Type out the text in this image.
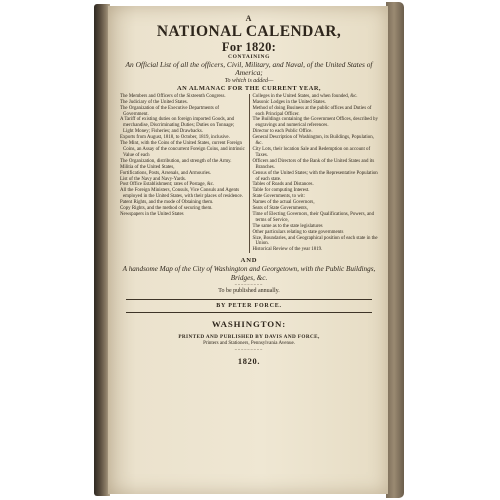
A
NATIONAL CALENDAR,
For 1820:
CONTAINING
An Official List of all the officers, Civil, Military, and Naval, of the United States of America;
To which is added—
AN ALMANAC FOR THE CURRENT YEAR,
The Members and Officers of the Sixteenth Congress.
The Judiciary of the United States.
The Organization of the Executive Departments of Government.
A Tariff of existing duties on foreign imported Goods, and merchandise, Discriminating Duties; Duties on Tonnage; Light Money; Fisheries; and Drawbacks.
Exports from August, 1818, to October, 1819, inclusive.
The Mint, with the Coins of the United States, current Foreign Coins, an Assay of the concurrent Foreign Coins, and intrinsic Value of each
The Organization, distribution, and strength of the Army.
Militia of the United States,
Fortifications, Posts, Arsenals, and Armouries.
List of the Navy and Navy-Yards.
Post Office Establishment; rates of Postage, &c.
All the Foreign Ministers, Consuls, Vice Consuls and Agents employed in the United States, with their places of residence.
Patent Rights, and the mode of Obtaining them.
Copy Rights, and the method of securing them.
Newspapers in the United States
Colleges in the United States, and when founded, &c.
Masonic Lodges in the United States.
Method of doing Business at the public offices and Duties of each Principal Officer.
The Buildings containing the Government Offices, described by engravings and numerical references.
Director to each Public Office.
General Description of Washington, its Buildings, Population, &c.
City Lots, their location Sale and Redemption on account of Taxes.
Officers and Directors of the Bank of the United States and its Branches.
Census of the United States; with the Representative Population of each state.
Tables of Roads and Distances.
Table for computing Interest.
State Governments, to wit:
Names of the actual Governors,
Seats of State Governments,
Time of Electing Governors, their Qualifications, Powers, and terms of Service,
The same as to the state legislatures
Other particulars relating to state governments
Size, Boundaries, and Geographical position of each state in the Union.
Historical Review of the year 1819.
AND
A handsome Map of the City of Washington and Georgetown, with the Public Buildings, Bridges, &c.
~~~~~~~~~
To be published annually.
BY PETER FORCE.
WASHINGTON:
PRINTED AND PUBLISHED BY DAVIS AND FORCE,
Printers and Stationers, Pennsylvania Avenue.
~~~~~~~~~
1820.
